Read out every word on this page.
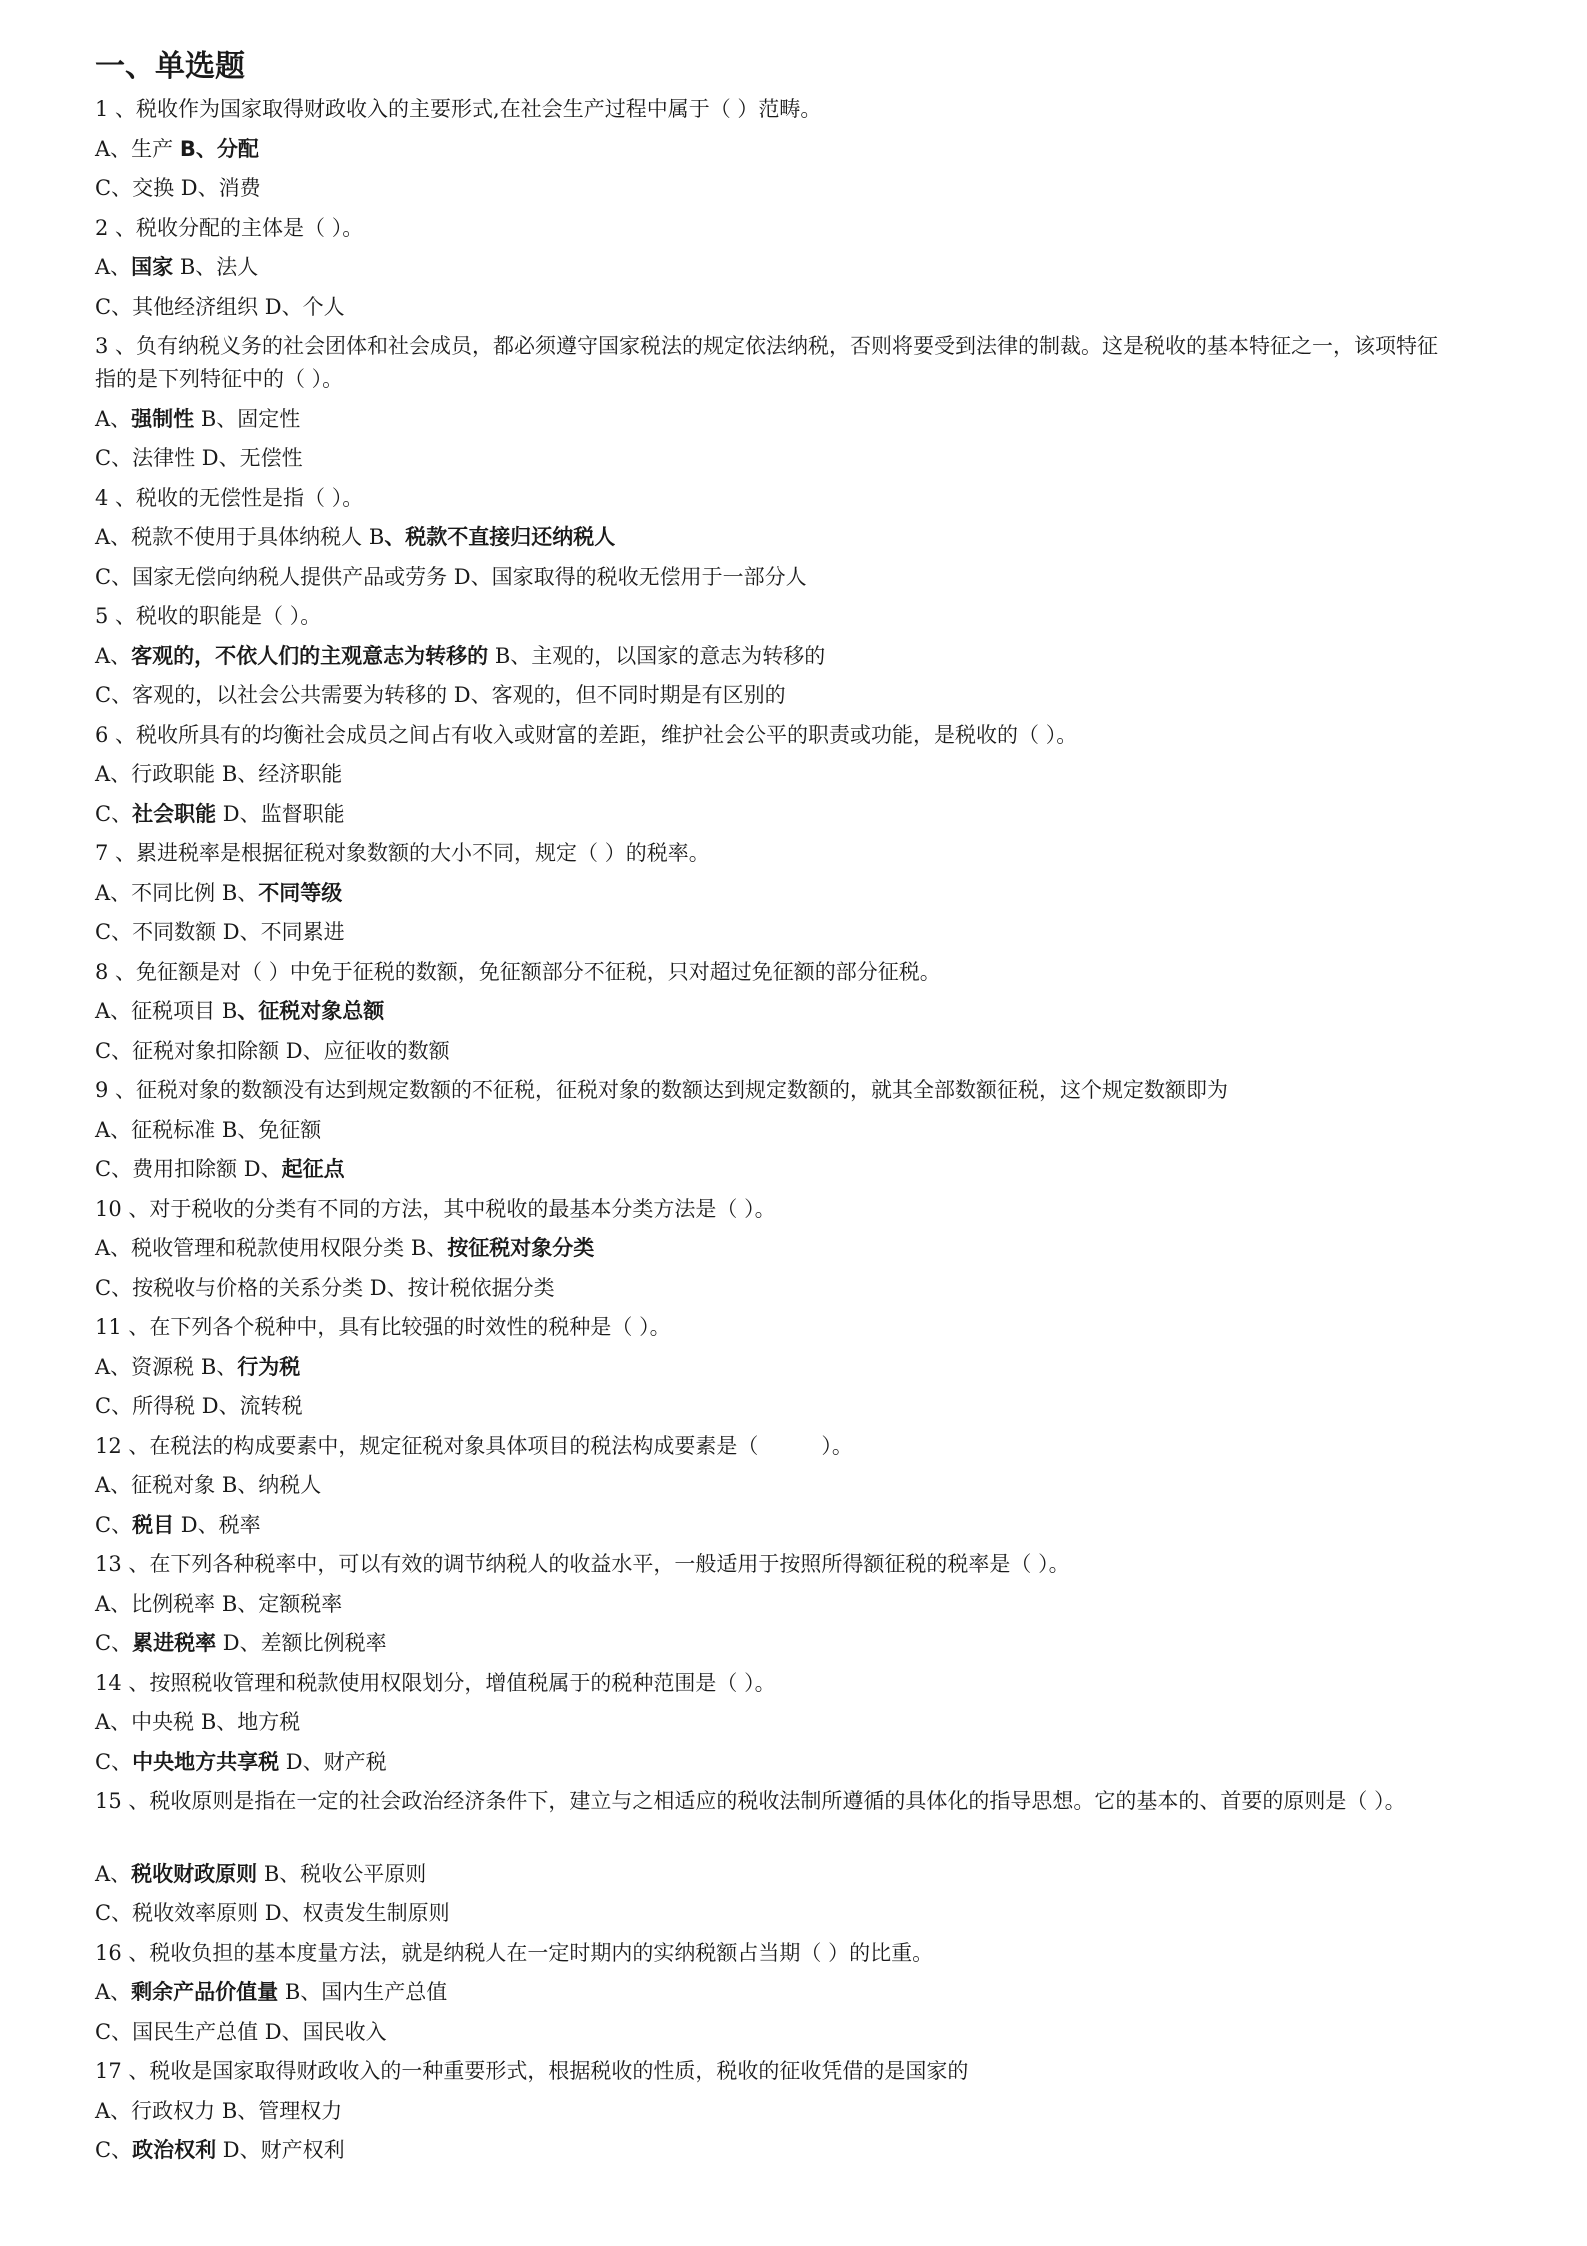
一、单选题
1 、税收作为国家取得财政收入的主要形式,在社会生产过程中属于（ ）范畴。
A、生产 B、分配
C、交换 D、消费
2 、税收分配的主体是（ ）。
A、国家 B、法人
C、其他经济组织 D、个人
3 、负有纳税义务的社会团体和社会成员，都必须遵守国家税法的规定依法纳税，否则将要受到法律的制裁。这是税收的基本特征之一，该项特征指的是下列特征中的（ ）。
A、强制性 B、固定性
C、法律性 D、无偿性
4 、税收的无偿性是指（ ）。
A、税款不使用于具体纳税人 B、税款不直接归还纳税人
C、国家无偿向纳税人提供产品或劳务 D、国家取得的税收无偿用于一部分人
5 、税收的职能是（ ）。
A、客观的，不依人们的主观意志为转移的 B、主观的，以国家的意志为转移的
C、客观的，以社会公共需要为转移的 D、客观的，但不同时期是有区别的
6 、税收所具有的均衡社会成员之间占有收入或财富的差距，维护社会公平的职责或功能，是税收的（ ）。
A、行政职能 B、经济职能
C、社会职能 D、监督职能
7 、累进税率是根据征税对象数额的大小不同，规定（ ）的税率。
A、不同比例 B、不同等级
C、不同数额 D、不同累进
8 、免征额是对（ ）中免于征税的数额，免征额部分不征税，只对超过免征额的部分征税。
A、征税项目 B、征税对象总额
C、征税对象扣除额 D、应征收的数额
9 、征税对象的数额没有达到规定数额的不征税，征税对象的数额达到规定数额的，就其全部数额征税，这个规定数额即为
A、征税标准 B、免征额
C、费用扣除额 D、起征点
10 、对于税收的分类有不同的方法，其中税收的最基本分类方法是（ ）。
A、税收管理和税款使用权限分类 B、按征税对象分类
C、按税收与价格的关系分类 D、按计税依据分类
11 、在下列各个税种中，具有比较强的时效性的税种是（ ）。
A、资源税 B、行为税
C、所得税 D、流转税
12 、在税法的构成要素中，规定征税对象具体项目的税法构成要素是（　　　）。
A、征税对象 B、纳税人
C、税目 D、税率
13 、在下列各种税率中，可以有效的调节纳税人的收益水平，一般适用于按照所得额征税的税率是（ ）。
A、比例税率 B、定额税率
C、累进税率 D、差额比例税率
14 、按照税收管理和税款使用权限划分，增值税属于的税种范围是（ ）。
A、中央税 B、地方税
C、中央地方共享税 D、财产税
15 、税收原则是指在一定的社会政治经济条件下，建立与之相适应的税收法制所遵循的具体化的指导思想。它的基本的、首要的原则是（ ）。
A、税收财政原则 B、税收公平原则
C、税收效率原则 D、权责发生制原则
16 、税收负担的基本度量方法，就是纳税人在一定时期内的实纳税额占当期（ ）的比重。
A、剩余产品价值量 B、国内生产总值
C、国民生产总值 D、国民收入
17 、税收是国家取得财政收入的一种重要形式，根据税收的性质，税收的征收凭借的是国家的
A、行政权力 B、管理权力
C、政治权利 D、财产权利
